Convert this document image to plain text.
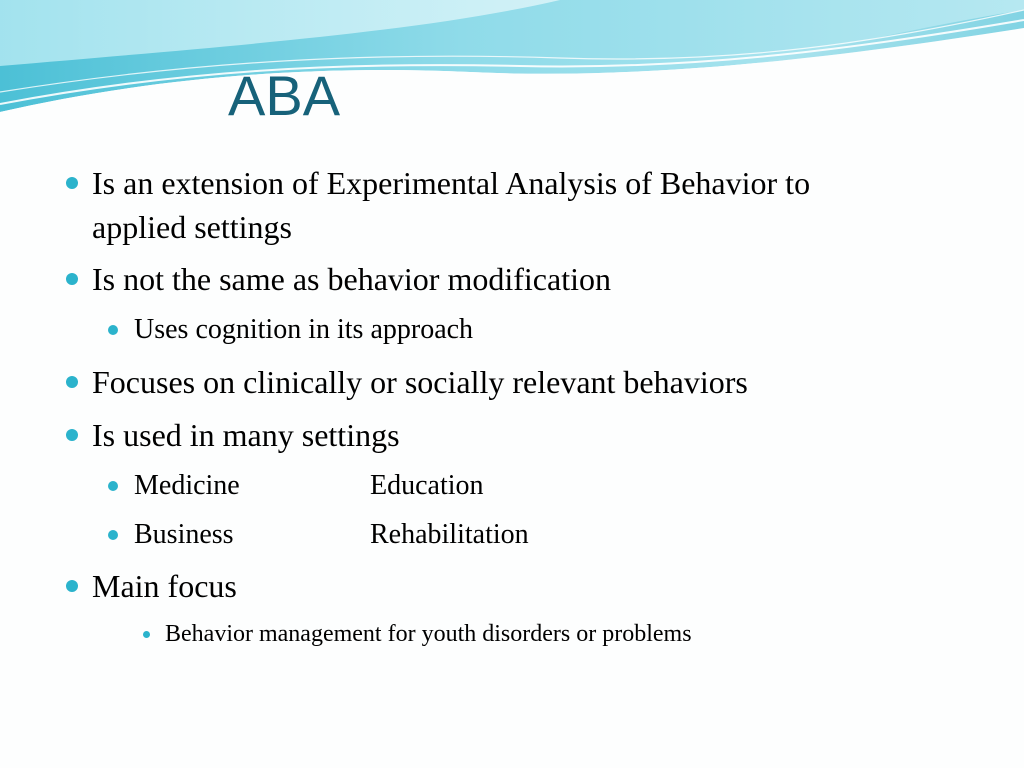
ABA
Is an extension of Experimental Analysis of Behavior to
applied settings
Is not the same as behavior modification
Uses cognition in its approach
Focuses on clinically or socially relevant behaviors
Is used in many settings
Medicine	Education
Business	Rehabilitation
Main focus
Behavior management for youth disorders or problems
